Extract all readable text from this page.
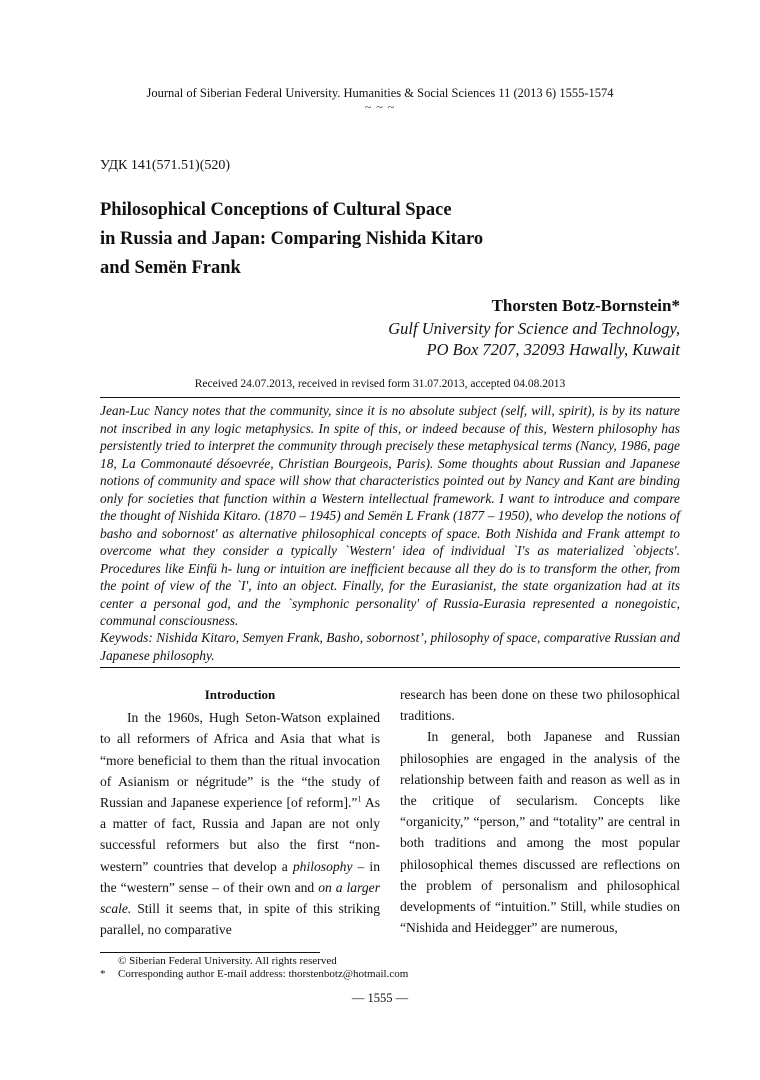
Journal of Siberian Federal University. Humanities & Social Sciences 11 (2013 6) 1555-1574
~ ~ ~
УДК 141(571.51)(520)
Philosophical Conceptions of Cultural Space
in Russia and Japan: Comparing Nishida Kitaro
and Semën Frank
Thorsten Botz-Bornstein*
Gulf University for Science and Technology,
PO Box 7207, 32093 Hawally, Kuwait
Received 24.07.2013, received in revised form 31.07.2013, accepted 04.08.2013
Jean-Luc Nancy notes that the community, since it is no absolute subject (self, will, spirit), is by its nature not inscribed in any logic metaphysics. In spite of this, or indeed because of this, Western philosophy has persistently tried to interpret the community through precisely these metaphysical terms (Nancy, 1986, page 18, La Commonauté désoevrée, Christian Bourgeois, Paris). Some thoughts about Russian and Japanese notions of community and space will show that characteristics pointed out by Nancy and Kant are binding only for societies that function within a Western intellectual framework. I want to introduce and compare the thought of Nishida Kitaro. (1870 – 1945) and Semën L Frank (1877 – 1950), who develop the notions of basho and sobornost' as alternative philosophical concepts of space. Both Nishida and Frank attempt to overcome what they consider a typically `Western' idea of individual `I's as materialized `objects'. Procedures like Einfü h- lung or intuition are inefficient because all they do is to transform the other, from the point of view of the `I', into an object. Finally, for the Eurasianist, the state organization had at its center a personal god, and the `symphonic personality' of Russia-Eurasia represented a nonegoistic, communal consciousness.
Keywods: Nishida Kitaro, Semyen Frank, Basho, sobornost’, philosophy of space, comparative Russian and Japanese philosophy.
Introduction

In the 1960s, Hugh Seton-Watson explained to all reformers of Africa and Asia that what is “more beneficial to them than the ritual invocation of Asianism or négritude” is the “the study of Russian and Japanese experience [of reform].”$^1$ As a matter of fact, Russia and Japan are not only successful reformers but also the first “non-western” countries that develop a philosophy – in the “western” sense – of their own and on a larger scale. Still it seems that, in spite of this striking parallel, no comparative

research has been done on these two philosophical traditions.

In general, both Japanese and Russian philosophies are engaged in the analysis of the relationship between faith and reason as well as in the critique of secularism. Concepts like “organicity,” “person,” and “totality” are central in both traditions and among the most popular philosophical themes discussed are reflections on the problem of personalism and philosophical developments of “intuition.” Still, while studies on “Nishida and Heidegger” are numerous,

© Siberian Federal University. All rights reserved
* Corresponding author E-mail address: thorstenbotz@hotmail.com
— 1555 —
